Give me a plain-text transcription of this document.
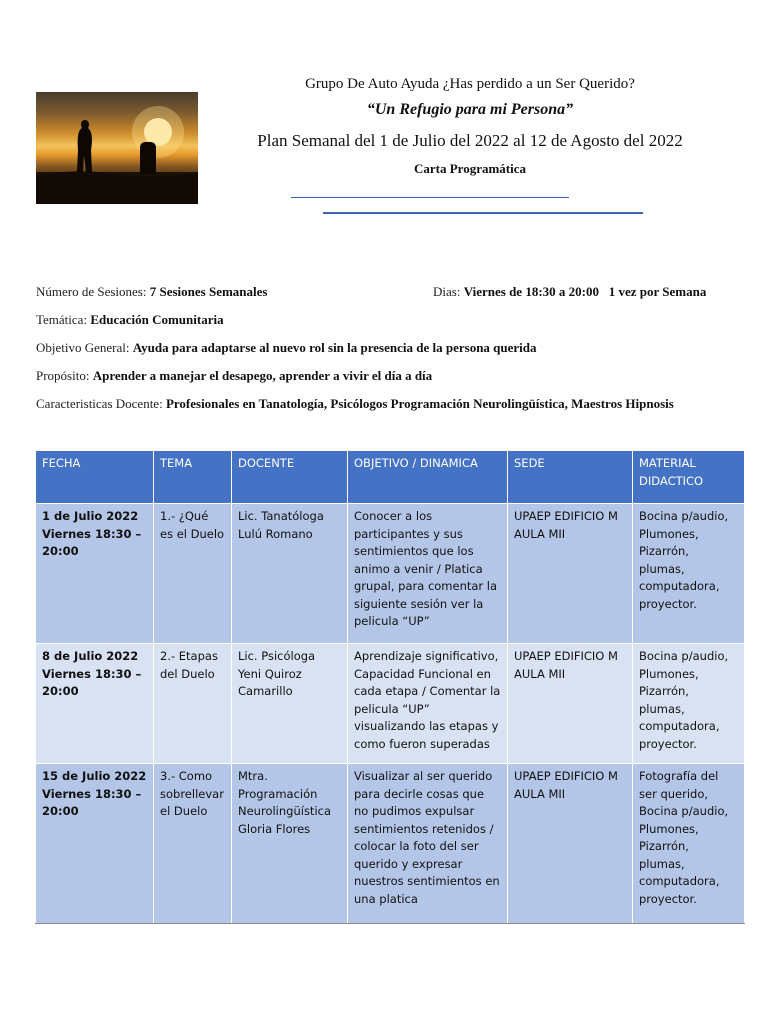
Grupo De Auto Ayuda ¿Has perdido a un Ser Querido?
“Un Refugio para mi Persona”
Plan Semanal del 1 de Julio del 2022 al 12 de Agosto del 2022
Carta Programática
Número de Sesiones: 7 Sesiones Semanales	Dias: Viernes de 18:30 a 20:00   1 vez por Semana
Temática: Educación Comunitaria
Objetivo General: Ayuda para adaptarse al nuevo rol sin la presencia de la persona querida
Propósito: Aprender a manejar el desapego, aprender a vivir el día a día
Caracteristicas Docente: Profesionales en Tanatología, Psicólogos Programación Neurolingüística, Maestros Hipnosis
FECHA	TEMA	DOCENTE	OBJETIVO / DINAMICA	SEDE	MATERIAL DIDACTICO
1 de Julio 2022 Viernes 18:30 – 20:00	1.- ¿Qué es el Duelo	Lic. Tanatóloga Lulú Romano	Conocer a los participantes y sus sentimientos que los animo a venir / Platica grupal, para comentar la siguiente sesión ver la pelicula “UP”	UPAEP EDIFICIO M AULA MII	Bocina p/audio, Plumones, Pizarrón, plumas, computadora, proyector.
8 de Julio 2022 Viernes 18:30 – 20:00	2.- Etapas del Duelo	Lic. Psicóloga Yeni Quiroz Camarillo	Aprendizaje significativo, Capacidad Funcional en cada etapa / Comentar la pelicula “UP” visualizando las etapas y como fueron superadas	UPAEP EDIFICIO M AULA MII	Bocina p/audio, Plumones, Pizarrón, plumas, computadora, proyector.
15 de Julio 2022 Viernes 18:30 – 20:00	3.- Como sobrellevar el Duelo	Mtra. Programación Neurolingüística Gloria Flores	Visualizar al ser querido para decirle cosas que no pudimos expulsar sentimientos retenidos / colocar la foto del ser querido y expresar nuestros sentimientos en una platica	UPAEP EDIFICIO M AULA MII	Fotografía del ser querido, Bocina p/audio, Plumones, Pizarrón, plumas, computadora, proyector.
